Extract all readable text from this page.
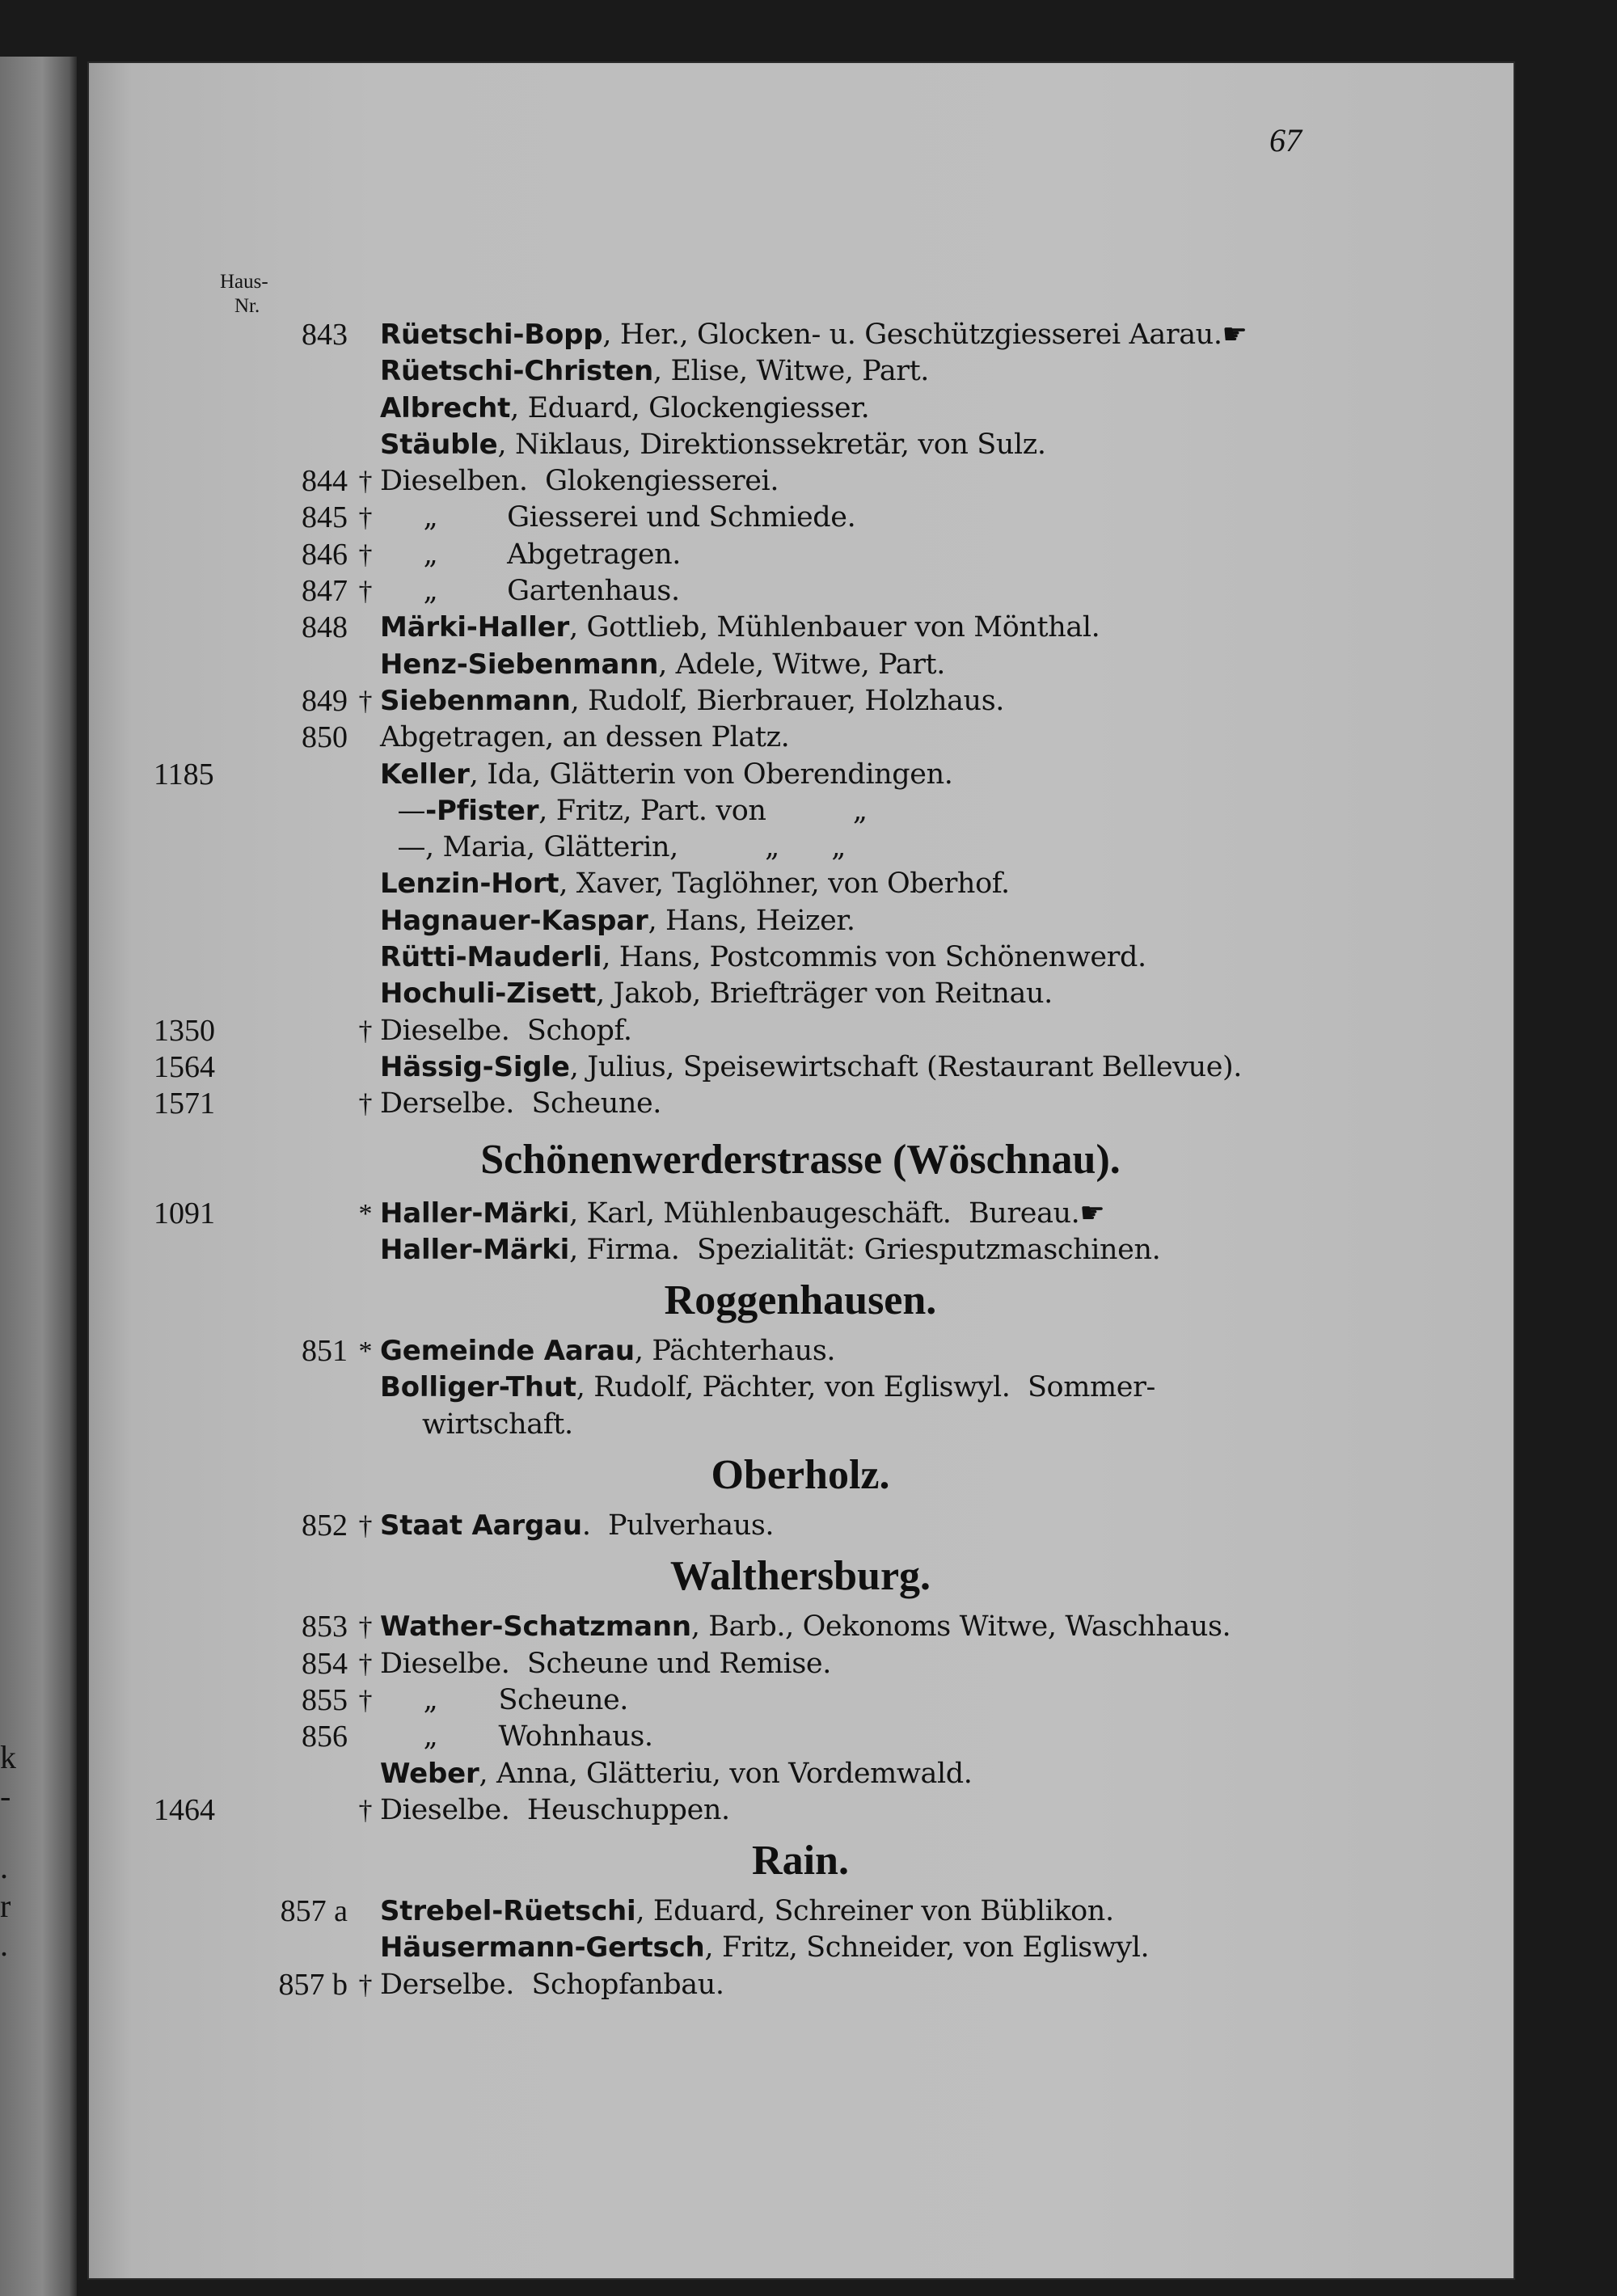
k
-
.
r
.
67
Haus-
Nr.
843 Rüetschi-Bopp, Her., Glocken- u. Geschützgiesserei Aarau.☛
Rüetschi-Christen, Elise, Witwe, Part.
Albrecht, Eduard, Glockengiesser.
Stäuble, Niklaus, Direktionssekretär, von Sulz.
844 † Dieselben.  Glokengiesserei.
845 † „        Giesserei und Schmiede.
846 † „        Abgetragen.
847 † „        Gartenhaus.
848 Märki-Haller, Gottlieb, Mühlenbauer von Mönthal.
Henz-Siebenmann, Adele, Witwe, Part.
849 † Siebenmann, Rudolf, Bierbrauer, Holzhaus.
850 Abgetragen, an dessen Platz.
1185	Keller, Ida, Glätterin von Oberendingen.
—-Pfister, Fritz, Part. von          „
—, Maria, Glätterin,          „      „
Lenzin-Hort, Xaver, Taglöhner, von Oberhof.
Hagnauer-Kaspar, Hans, Heizer.
Rütti-Mauderli, Hans, Postcommis von Schönenwerd.
Hochuli-Zisett, Jakob, Briefträger von Reitnau.
1350	† Dieselbe.  Schopf.
1564	Hässig-Sigle, Julius, Speisewirtschaft (Restaurant Bellevue).
1571	† Derselbe.  Scheune.
Schönenwerderstrasse (Wöschnau).
1091	* Haller-Märki, Karl, Mühlenbaugeschäft.  Bureau.☛
Haller-Märki, Firma.  Spezialität: Griesputzmaschinen.
Roggenhausen.
851 * Gemeinde Aarau, Pächterhaus.
Bolliger-Thut, Rudolf, Pächter, von Egliswyl.  Sommer-
wirtschaft.
Oberholz.
852 † Staat Aargau.  Pulverhaus.
Walthersburg.
853 † Wather-Schatzmann, Barb., Oekonoms Witwe, Waschhaus.
854 † Dieselbe.  Scheune und Remise.
855 † „       Scheune.
856 „       Wohnhaus.
Weber, Anna, Glätteriu, von Vordemwald.
1464	† Dieselbe.  Heuschuppen.
Rain.
857 a Strebel-Rüetschi, Eduard, Schreiner von Büblikon.
Häusermann-Gertsch, Fritz, Schneider, von Egliswyl.
857 b † Derselbe.  Schopfanbau.
